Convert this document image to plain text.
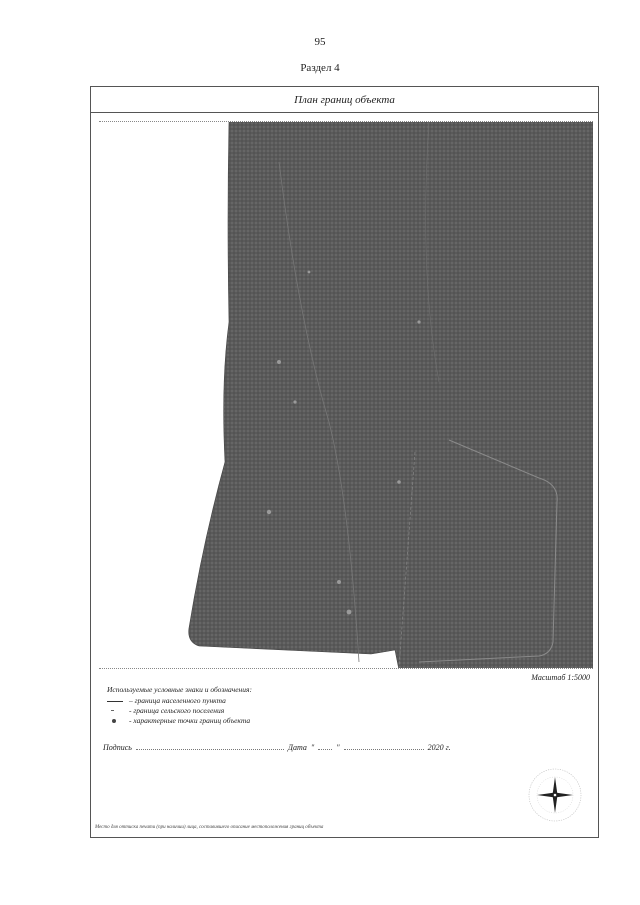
95
Раздел 4
План границ объекта
Масштаб 1:5000
Используемые условные знаки и обозначения:
– граница населенного пункта
- граница сельского поселения
- характерные точки границ объекта
Подпись	Дата "	"	2020 г.
Место для оттиска печати (при наличии) лица, составившего описание местоположения границ объекта
